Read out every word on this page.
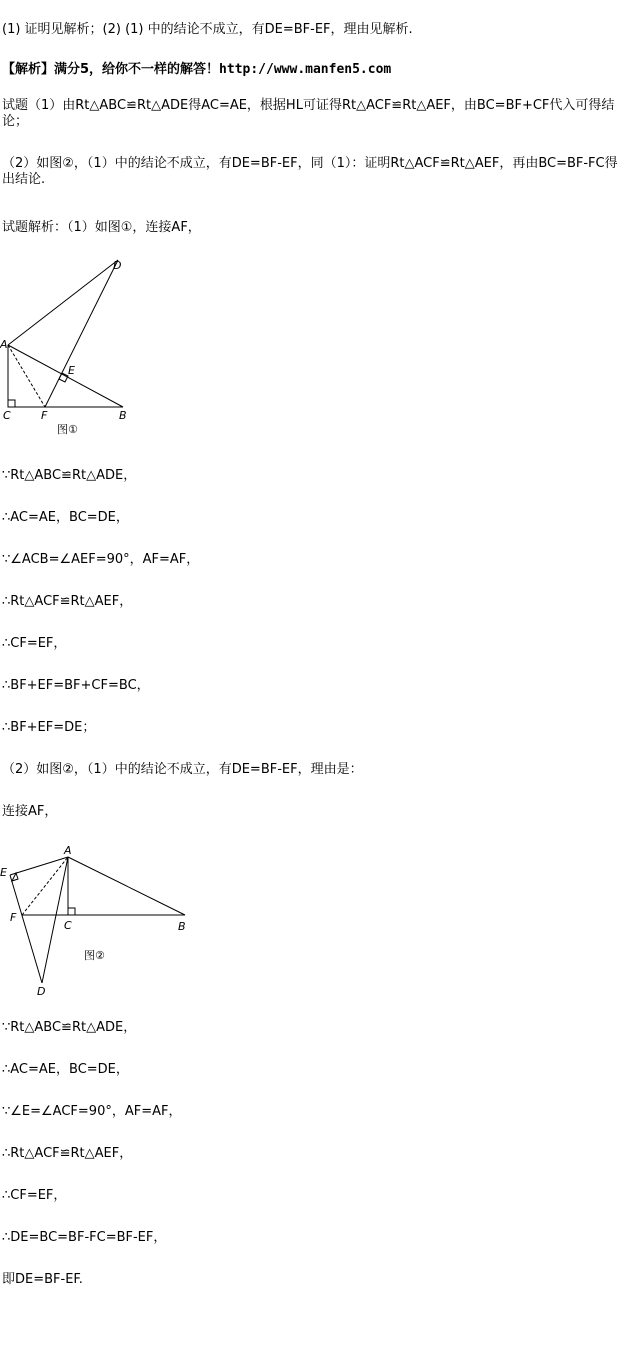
(1) 证明见解析；(2) (1) 中的结论不成立，有DE=BF-EF，理由见解析.
【解析】满分5，给你不一样的解答！http://www.manfen5.com
试题（1）由Rt△ABC≌Rt△ADE得AC=AE，根据HL可证得Rt△ACF≌Rt△AEF，由BC=BF+CF代入可得结论；
（2）如图②，（1）中的结论不成立，有DE=BF-EF，同（1）：证明Rt△ACF≌Rt△AEF，再由BC=BF-FC得出结论.
试题解析：（1）如图①，连接AF，
A
D
E
C	F	B
图①
∵Rt△ABC≌Rt△ADE，
∴AC=AE，BC=DE，
∵∠ACB=∠AEF=90°，AF=AF，
∴Rt△ACF≌Rt△AEF，
∴CF=EF，
∴BF+EF=BF+CF=BC，
∴BF+EF=DE；
（2）如图②，（1）中的结论不成立，有DE=BF-EF，理由是：
连接AF，
E
A
F
C	B
D
图②
∵Rt△ABC≌Rt△ADE，
∴AC=AE，BC=DE，
∵∠E=∠ACF=90°，AF=AF，
∴Rt△ACF≌Rt△AEF，
∴CF=EF，
∴DE=BC=BF-FC=BF-EF，
即DE=BF-EF.
